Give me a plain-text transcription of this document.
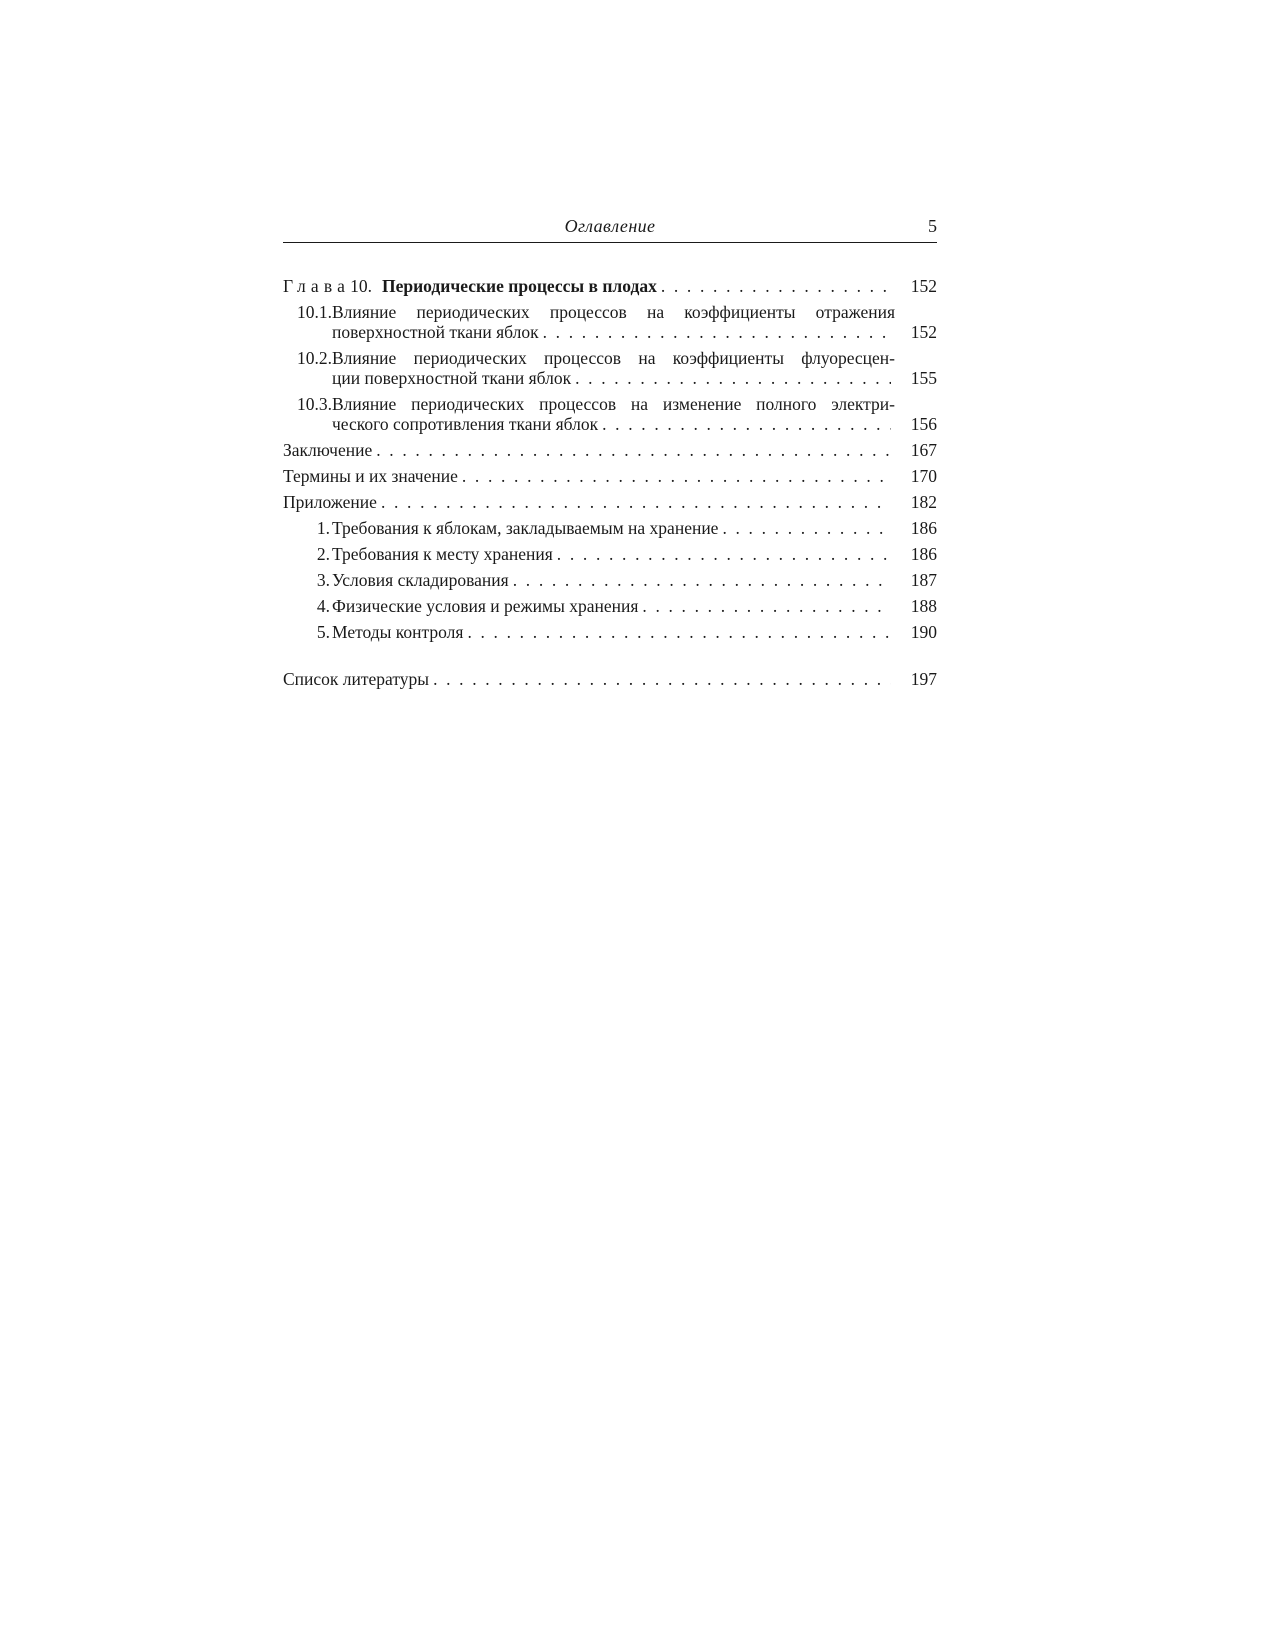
Оглавление	5
Глава10. Периодические процессы в плодах . . .	152
10.1. Влияние периодических процессов на коэффициенты отражения
поверхностной ткани яблок . . .	152
10.2. Влияние периодических процессов на коэффициенты флуоресцен-
ции поверхностной ткани яблок . . .	155
10.3. Влияние периодических процессов на изменение полного электри-
ческого сопротивления ткани яблок . . .	156
Заключение . . .	167
Термины и их значение . . .	170
Приложение . . .	182
1. Требования к яблокам, закладываемым на хранение . . .	186
2. Требования к месту хранения . . .	186
3. Условия складирования . . .	187
4. Физические условия и режимы хранения . . .	188
5. Методы контроля . . .	190
Список литературы . . .	197
